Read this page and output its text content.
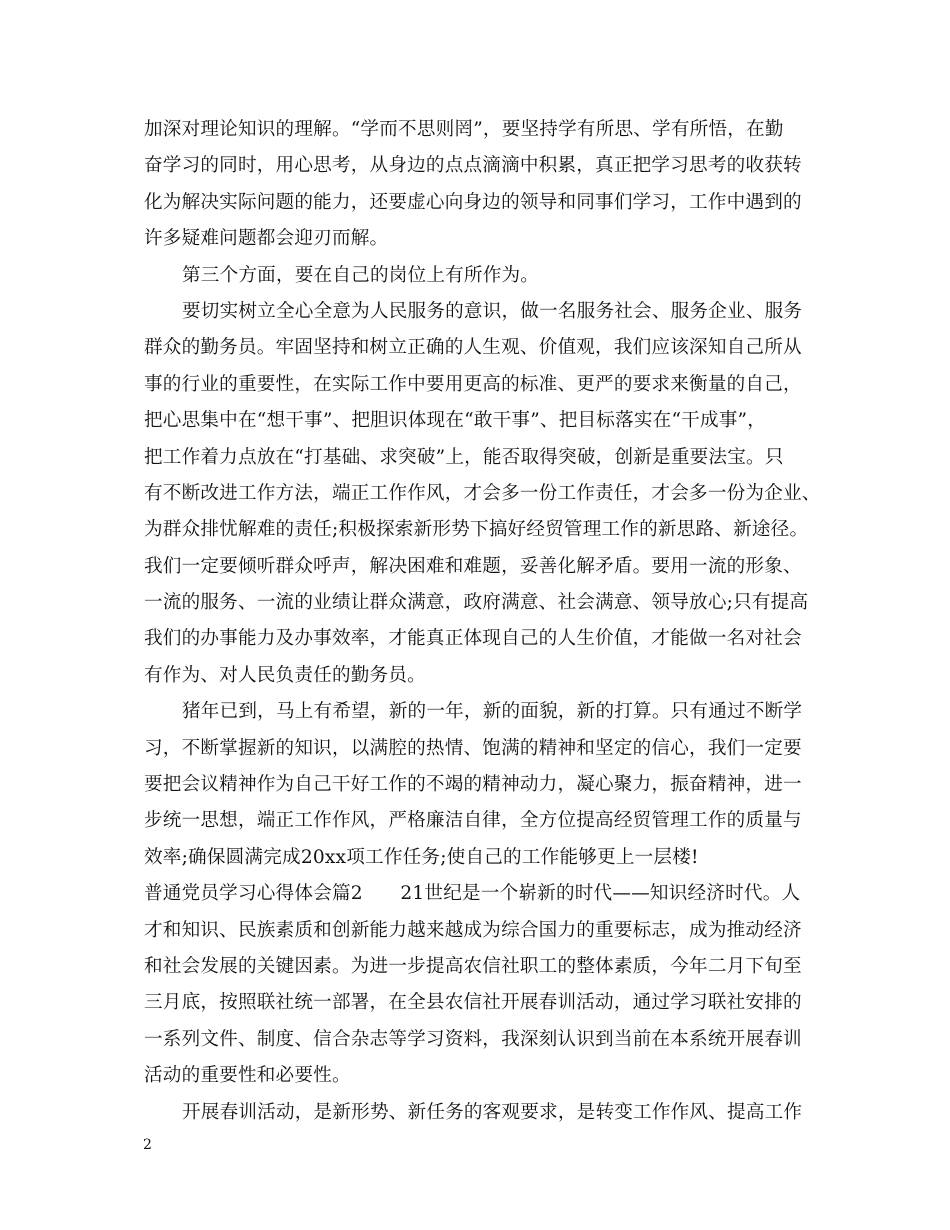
加深对理论知识的理解。“学而不思则罔”，要坚持学有所思、学有所悟，在勤
奋学习的同时，用心思考，从身边的点点滴滴中积累，真正把学习思考的收获转
化为解决实际问题的能力，还要虚心向身边的领导和同事们学习，工作中遇到的
许多疑难问题都会迎刃而解。
第三个方面，要在自己的岗位上有所作为。
要切实树立全心全意为人民服务的意识，做一名服务社会、服务企业、服务
群众的勤务员。牢固坚持和树立正确的人生观、价值观，我们应该深知自己所从
事的行业的重要性，在实际工作中要用更高的标准、更严的要求来衡量的自己，
把心思集中在“想干事”、把胆识体现在“敢干事”、把目标落实在“干成事”，
把工作着力点放在“打基础、求突破”上，能否取得突破，创新是重要法宝。只
有不断改进工作方法，端正工作作风，才会多一份工作责任，才会多一份为企业、
为群众排忧解难的责任;积极探索新形势下搞好经贸管理工作的新思路、新途径。
我们一定要倾听群众呼声，解决困难和难题，妥善化解矛盾。要用一流的形象、
一流的服务、一流的业绩让群众满意，政府满意、社会满意、领导放心;只有提高
我们的办事能力及办事效率，才能真正体现自己的人生价值，才能做一名对社会
有作为、对人民负责任的勤务员。
猪年已到，马上有希望，新的一年，新的面貌，新的打算。只有通过不断学
习，不断掌握新的知识，以满腔的热情、饱满的精神和坚定的信心，我们一定要
要把会议精神作为自己干好工作的不竭的精神动力，凝心聚力，振奋精神，进一
步统一思想，端正工作作风，严格廉洁自律，全方位提高经贸管理工作的质量与
效率;确保圆满完成20xx项工作任务;使自己的工作能够更上一层楼!
普通党员学习心得体会篇2　　21世纪是一个崭新的时代——知识经济时代。人
才和知识、民族素质和创新能力越来越成为综合国力的重要标志，成为推动经济
和社会发展的关键因素。为进一步提高农信社职工的整体素质，今年二月下旬至
三月底，按照联社统一部署，在全县农信社开展春训活动，通过学习联社安排的
一系列文件、制度、信合杂志等学习资料，我深刻认识到当前在本系统开展春训
活动的重要性和必要性。
开展春训活动，是新形势、新任务的客观要求，是转变工作作风、提高工作
2
